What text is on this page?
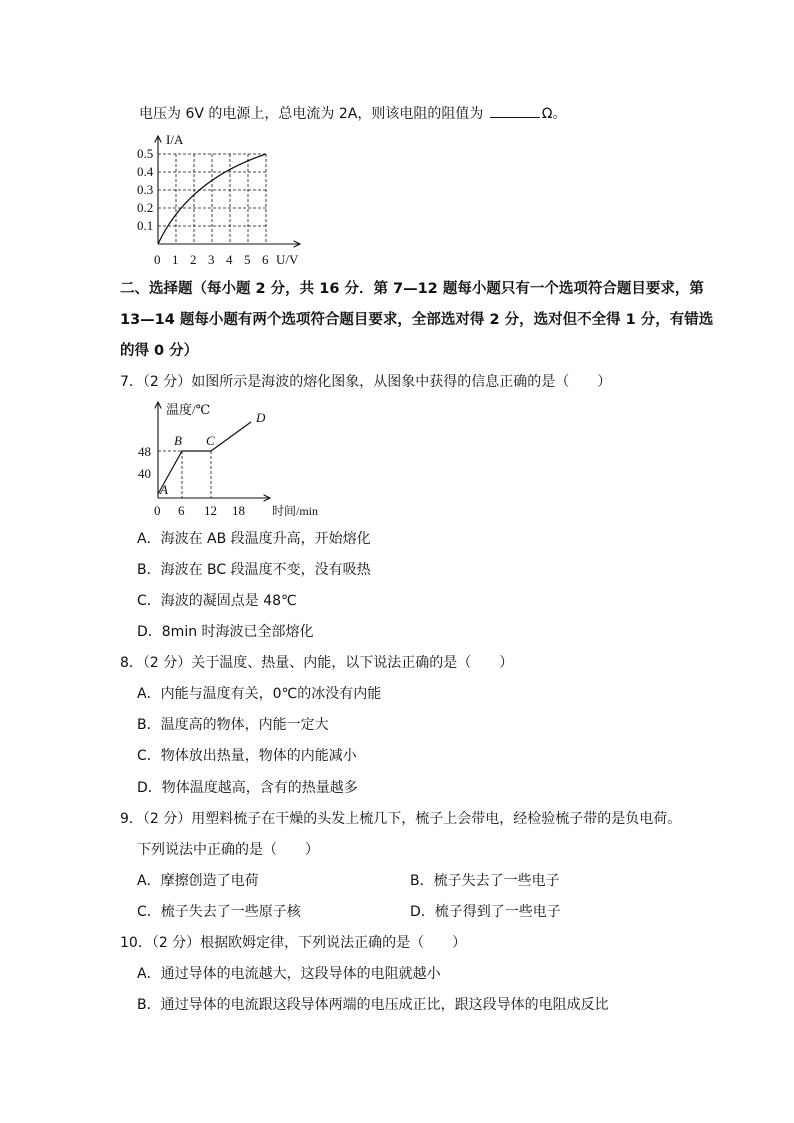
电压为 6V 的电源上，总电流为 2A，则该电阻的阻值为	Ω。
I/A
U/V
0 1 2 3 4 5 6
0.1
0.2
0.3
0.4
0.5
二、选择题（每小题 2 分，共 16 分．第 7—12 题每小题只有一个选项符合题目要求，第
13—14 题每小题有两个选项符合题目要求，全部选对得 2 分，选对但不全得 1 分，有错选
的得 0 分）
7．（2 分）如图所示是海波的熔化图象，从图象中获得的信息正确的是（　　）
温度/℃
时间/min
0 6 12 18
40
48
A
B C
D
A．海波在 AB 段温度升高，开始熔化
B．海波在 BC 段温度不变，没有吸热
C．海波的凝固点是 48℃
D．8min 时海波已全部熔化
8．（2 分）关于温度、热量、内能，以下说法正确的是（　　）
A．内能与温度有关，0℃的冰没有内能
B．温度高的物体，内能一定大
C．物体放出热量，物体的内能减小
D．物体温度越高，含有的热量越多
9．（2 分）用塑料梳子在干燥的头发上梳几下，梳子上会带电，经检验梳子带的是负电荷。
下列说法中正确的是（　　）
A．摩擦创造了电荷	B．梳子失去了一些电子
C．梳子失去了一些原子核	D．梳子得到了一些电子
10．（2 分）根据欧姆定律，下列说法正确的是（　　）
A．通过导体的电流越大，这段导体的电阻就越小
B．通过导体的电流跟这段导体两端的电压成正比，跟这段导体的电阻成反比
